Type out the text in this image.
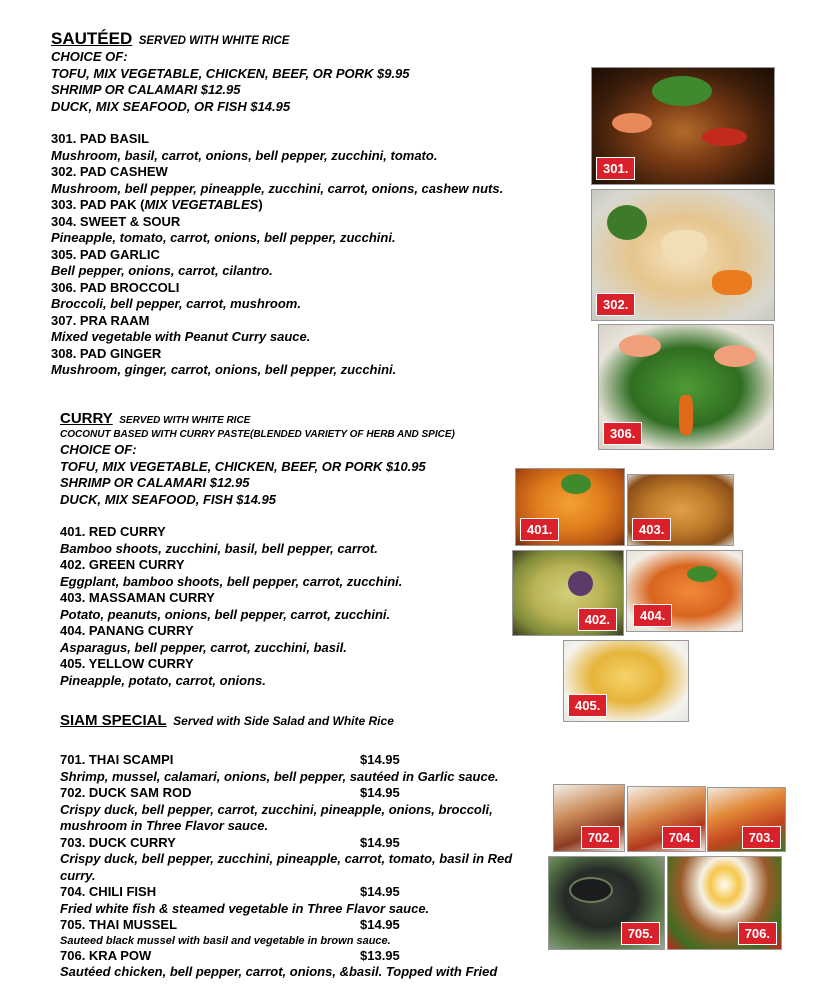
SAUTÉED SERVED WITH WHITE RICE
CHOICE OF:
TOFU, MIX VEGETABLE, CHICKEN, BEEF, OR PORK $9.95
SHRIMP OR CALAMARI $12.95
DUCK, MIX SEAFOOD, OR FISH $14.95
301. PAD BASIL
Mushroom, basil, carrot, onions, bell pepper, zucchini, tomato.
302. PAD CASHEW
Mushroom, bell pepper, pineapple, zucchini, carrot, onions, cashew nuts.
303. PAD PAK (MIX VEGETABLES)
304. SWEET & SOUR
Pineapple, tomato, carrot, onions, bell pepper, zucchini.
305. PAD GARLIC
Bell pepper, onions, carrot, cilantro.
306. PAD BROCCOLI
Broccoli, bell pepper, carrot, mushroom.
307. PRA RAAM
Mixed vegetable with Peanut Curry sauce.
308. PAD GINGER
Mushroom, ginger, carrot, onions, bell pepper, zucchini.
CURRY SERVED WITH WHITE RICE
COCONUT BASED WITH CURRY PASTE(BLENDED VARIETY OF HERB AND SPICE)
CHOICE OF:
TOFU, MIX VEGETABLE, CHICKEN, BEEF, OR PORK $10.95
SHRIMP OR CALAMARI $12.95
DUCK, MIX SEAFOOD, FISH $14.95
401. RED CURRY
Bamboo shoots, zucchini, basil, bell pepper, carrot.
402. GREEN CURRY
Eggplant, bamboo shoots, bell pepper, carrot, zucchini.
403. MASSAMAN CURRY
Potato, peanuts, onions, bell pepper, carrot, zucchini.
404. PANANG CURRY
Asparagus, bell pepper, carrot, zucchini, basil.
405. YELLOW CURRY
Pineapple, potato, carrot, onions.
SIAM SPECIAL Served with Side Salad and White Rice
701. THAI SCAMPI	$14.95
Shrimp, mussel, calamari, onions, bell pepper, sautéed in Garlic sauce.
702. DUCK SAM ROD	$14.95
Crispy duck, bell pepper, carrot, zucchini, pineapple, onions, broccoli, mushroom in Three Flavor sauce.
703. DUCK CURRY	$14.95
Crispy duck, bell pepper, zucchini, pineapple, carrot, tomato, basil in Red curry.
704. CHILI FISH	$14.95
Fried white fish & steamed vegetable in Three Flavor sauce.
705. THAI MUSSEL	$14.95
Sauteed black mussel with basil and vegetable in brown sauce.
706. KRA POW	$13.95
Sautéed chicken, bell pepper, carrot, onions, &basil. Topped with Fried
301.
302.
306.
401.	403.
402.	404.
405.
702.	704.	703.
705.	706.
